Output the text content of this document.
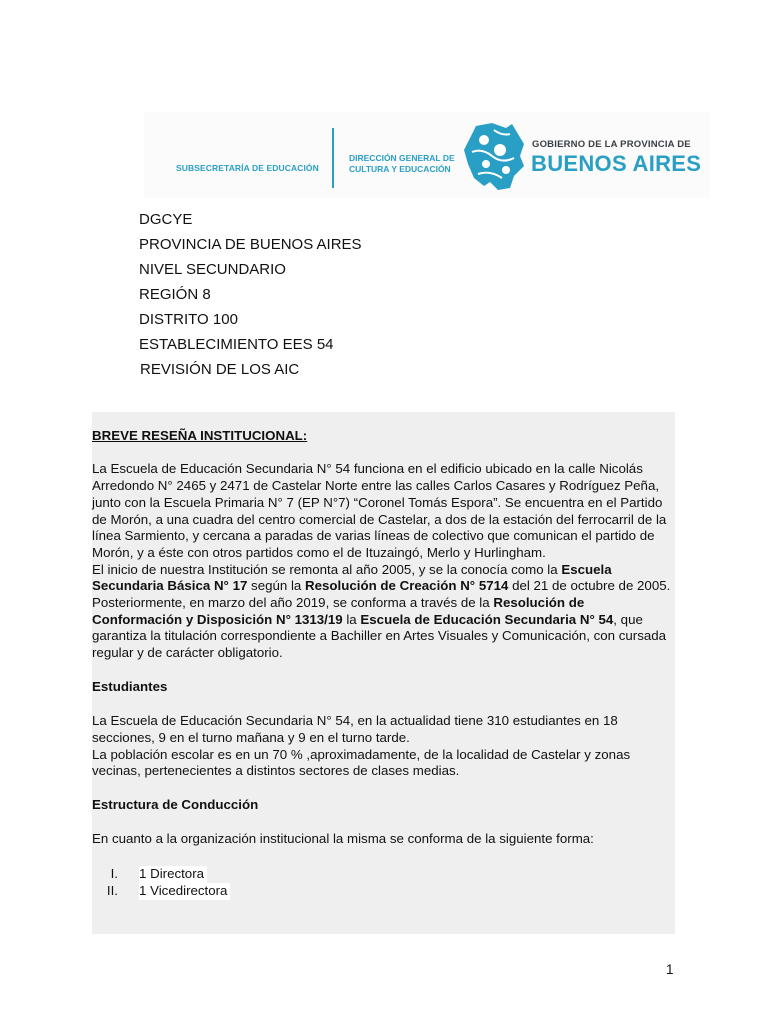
SUBSECRETARÍA DE EDUCACIÓN
DIRECCIÓN GENERAL DE
CULTURA Y EDUCACIÓN
GOBIERNO DE LA PROVINCIA DE
BUENOS AIRES
DGCYE
PROVINCIA DE BUENOS AIRES
NIVEL SECUNDARIO
REGIÓN 8
DISTRITO 100
ESTABLECIMIENTO EES 54
REVISIÓN DE LOS AIC

BREVE RESEÑA INSTITUCIONAL:

La Escuela de Educación Secundaria N° 54 funciona en el edificio ubicado en la calle Nicolás Arredondo N° 2465 y 2471 de Castelar Norte entre las calles Carlos Casares y Rodríguez Peña, junto con la Escuela Primaria N° 7 (EP N°7) “Coronel Tomás Espora”. Se encuentra en el Partido de Morón, a una cuadra del centro comercial de Castelar, a dos de la estación del ferrocarril de la línea Sarmiento, y cercana a paradas de varias líneas de colectivo que comunican el partido de Morón, y a éste con otros partidos como el de Ituzaingó, Merlo y Hurlingham.

El inicio de nuestra Institución se remonta al año 2005, y se la conocía como la Escuela Secundaria Básica N° 17 según la Resolución de Creación N° 5714 del 21 de octubre de 2005.

Posteriormente, en marzo del año 2019, se conforma a través de la Resolución de Conformación y Disposición N° 1313/19 la Escuela de Educación Secundaria N° 54, que garantiza la titulación correspondiente a Bachiller en Artes Visuales y Comunicación, con cursada regular y de carácter obligatorio.

Estudiantes

La Escuela de Educación Secundaria N° 54, en la actualidad tiene 310 estudiantes en 18 secciones, 9 en el turno mañana y 9 en el turno tarde.

La población escolar es en un 70 % ,aproximadamente, de la localidad de Castelar y zonas vecinas, pertenecientes a distintos sectores de clases medias.

Estructura de Conducción

En cuanto a la organización institucional la misma se conforma de la siguiente forma:

I. 1 Directora
II. 1 Vicedirectora
1
